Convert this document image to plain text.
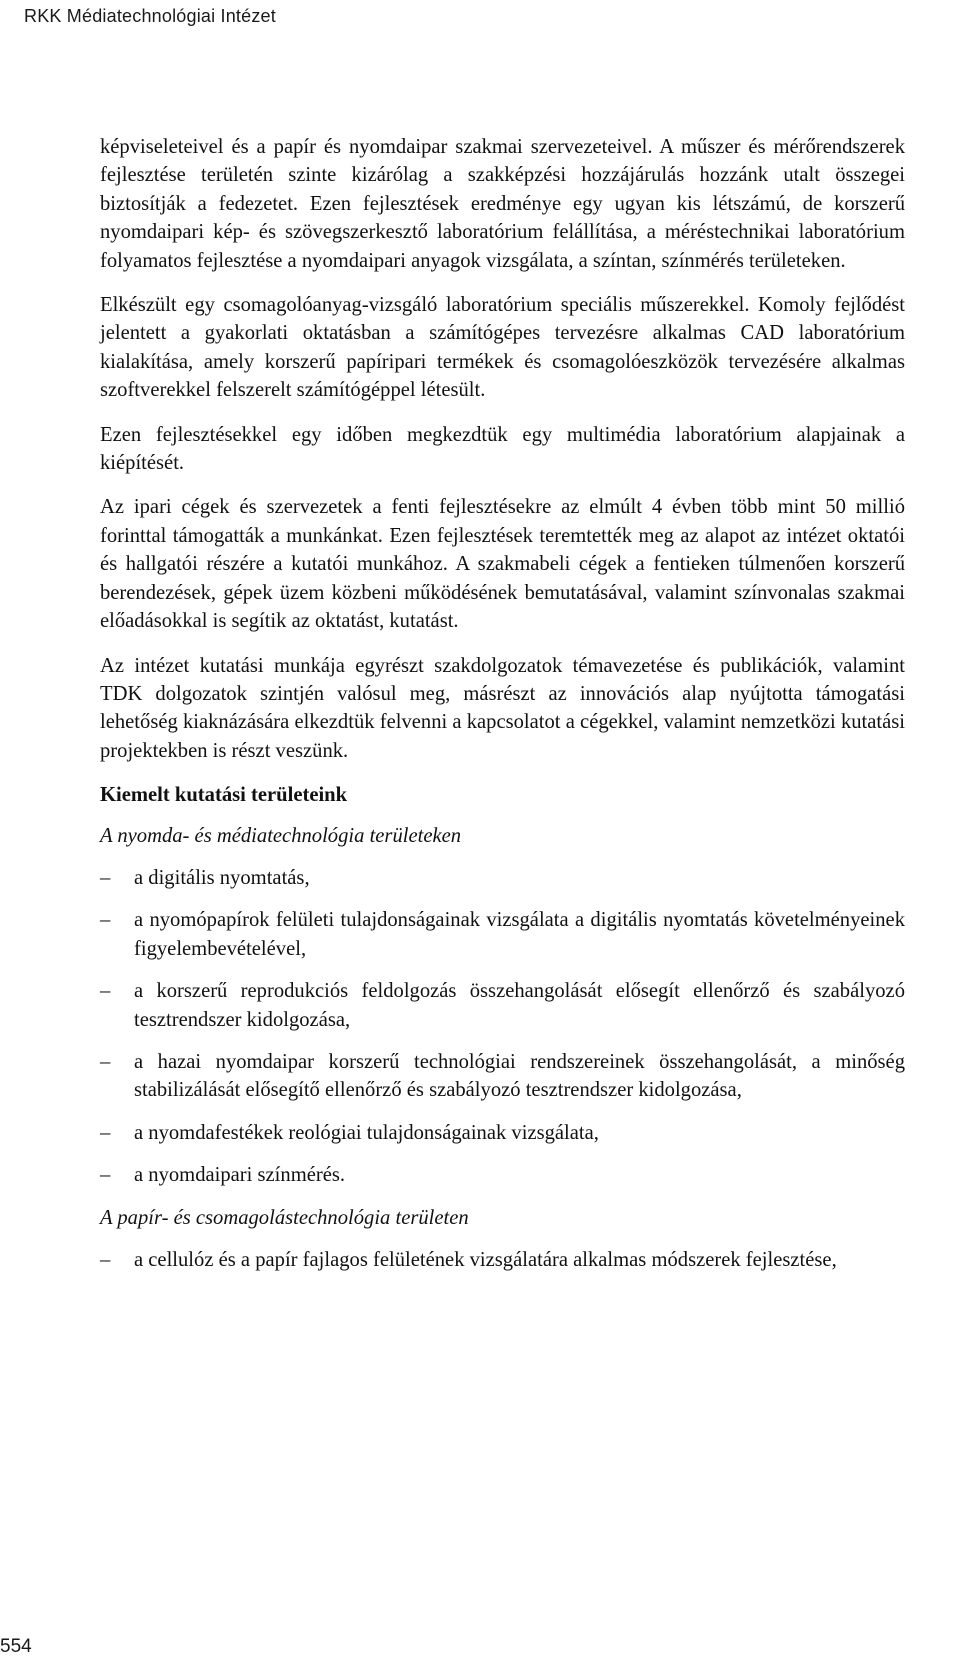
RKK Médiatechnológiai Intézet

képviseleteivel és a papír és nyomdaipar szakmai szervezeteivel. A műszer és mérőrendszerek fejlesztése területén szinte kizárólag a szakképzési hozzájárulás hozzánk utalt összegei biztosítják a fedezetet. Ezen fejlesztések eredménye egy ugyan kis létszámú, de korszerű nyomdaipari kép- és szövegszerkesztő laboratórium felállítása, a méréstechnikai laboratórium folyamatos fejlesztése a nyomdaipari anyagok vizsgálata, a színtan, színmérés területeken.

Elkészült egy csomagolóanyag-vizsgáló laboratórium speciális műszerekkel. Komoly fejlődést jelentett a gyakorlati oktatásban a számítógépes tervezésre alkalmas CAD laboratórium kialakítása, amely korszerű papíripari termékek és csomagolóeszközök tervezésére alkalmas szoftverekkel felszerelt számítógéppel létesült.

Ezen fejlesztésekkel egy időben megkezdtük egy multimédia laboratórium alapjainak a kiépítését.

Az ipari cégek és szervezetek a fenti fejlesztésekre az elmúlt 4 évben több mint 50 millió forinttal támogatták a munkánkat. Ezen fejlesztések teremtették meg az alapot az intézet oktatói és hallgatói részére a kutatói munkához. A szakmabeli cégek a fentieken túlmenően korszerű berendezések, gépek üzem közbeni működésének bemutatásával, valamint színvonalas szakmai előadásokkal is segítik az oktatást, kutatást.

Az intézet kutatási munkája egyrészt szakdolgozatok témavezetése és publikációk, valamint TDK dolgozatok szintjén valósul meg, másrészt az innovációs alap nyújtotta támogatási lehetőség kiaknázására elkezdtük felvenni a kapcsolatot a cégekkel, valamint nemzetközi kutatási projektekben is részt veszünk.

Kiemelt kutatási területeink
A nyomda- és médiatechnológia területeken
– a digitális nyomtatás,
– a nyomópapírok felületi tulajdonságainak vizsgálata a digitális nyomtatás követelményeinek figyelembevételével,
– a korszerű reprodukciós feldolgozás összehangolását elősegít ellenőrző és szabályozó tesztrendszer kidolgozása,
– a hazai nyomdaipar korszerű technológiai rendszereinek összehangolását, a minőség stabilizálását elősegítő ellenőrző és szabályozó tesztrendszer kidolgozása,
– a nyomdafestékek reológiai tulajdonságainak vizsgálata,
– a nyomdaipari színmérés.
A papír- és csomagolástechnológia területen
– a cellulóz és a papír fajlagos felületének vizsgálatára alkalmas módszerek fejlesztése,
554
